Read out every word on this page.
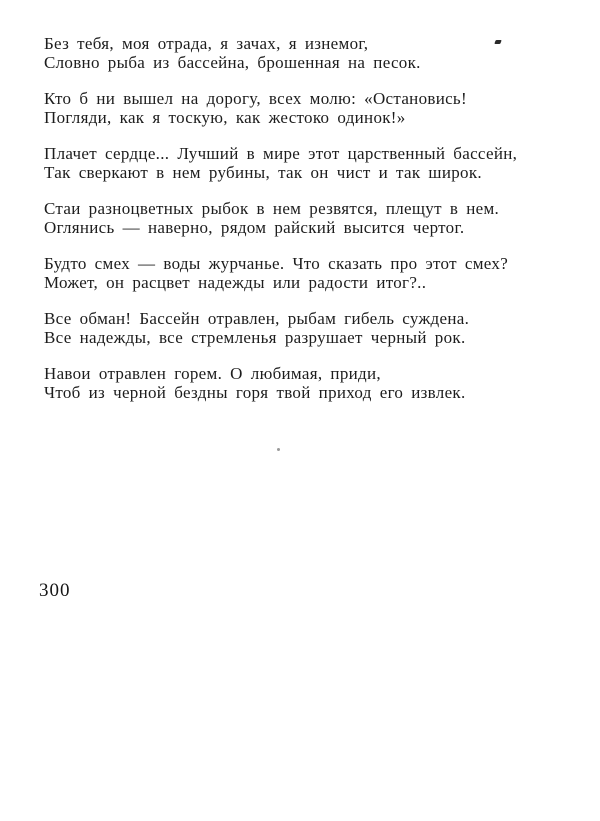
Без тебя, моя отрада, я зачах, я изнемог,
Словно рыба из бассейна, брошенная на песок.
Кто б ни вышел на дорогу, всех молю: «Остановись!
Погляди, как я тоскую, как жестоко одинок!»
Плачет сердце... Лучший в мире этот царственный бассейн,
Так сверкают в нем рубины, так он чист и так широк.
Стаи разноцветных рыбок в нем резвятся, плещут в нем.
Оглянись — наверно, рядом райский высится чертог.
Будто смех — воды журчанье. Что сказать про этот смех?
Может, он расцвет надежды или радости итог?..
Все обман! Бассейн отравлен, рыбам гибель суждена.
Все надежды, все стремленья разрушает черный рок.
Навои отравлен горем. О любимая, приди,
Чтоб из черной бездны горя твой приход его извлек.
300
